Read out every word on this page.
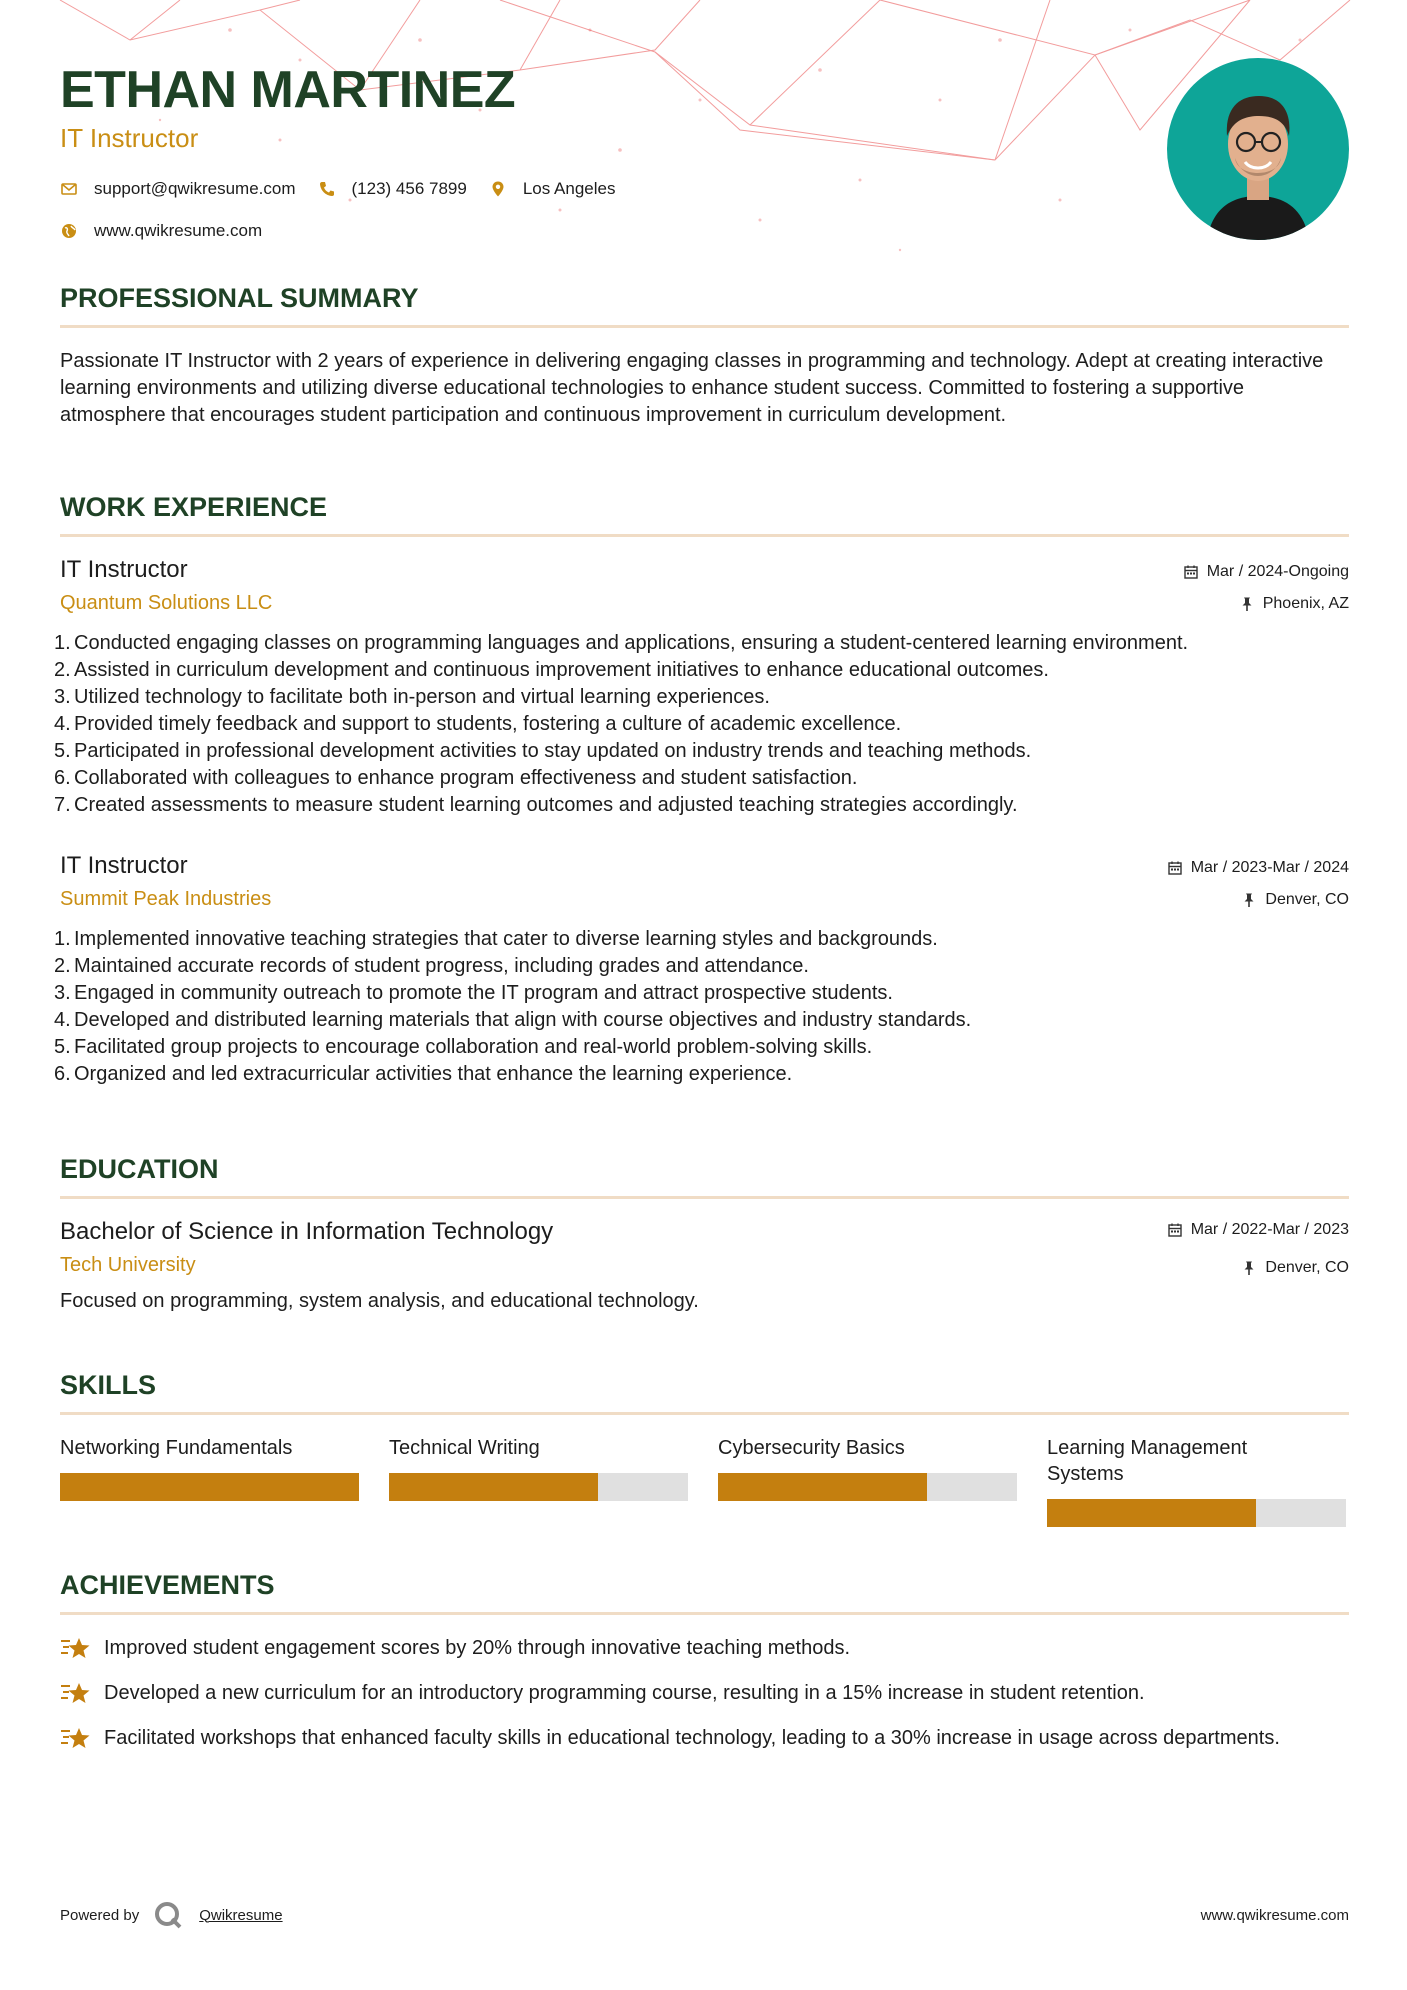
ETHAN MARTINEZ
IT Instructor
support@qwikresume.com	(123) 456 7899	Los Angeles
www.qwikresume.com
PROFESSIONAL SUMMARY
Passionate IT Instructor with 2 years of experience in delivering engaging classes in programming and technology. Adept at creating interactive learning environments and utilizing diverse educational technologies to enhance student success. Committed to fostering a supportive atmosphere that encourages student participation and continuous improvement in curriculum development.
WORK EXPERIENCE
IT Instructor
Quantum Solutions LLC
Mar / 2024-Ongoing
Phoenix, AZ
1. Conducted engaging classes on programming languages and applications, ensuring a student-centered learning environment.
2. Assisted in curriculum development and continuous improvement initiatives to enhance educational outcomes.
3. Utilized technology to facilitate both in-person and virtual learning experiences.
4. Provided timely feedback and support to students, fostering a culture of academic excellence.
5. Participated in professional development activities to stay updated on industry trends and teaching methods.
6. Collaborated with colleagues to enhance program effectiveness and student satisfaction.
7. Created assessments to measure student learning outcomes and adjusted teaching strategies accordingly.
IT Instructor
Summit Peak Industries
Mar / 2023-Mar / 2024
Denver, CO
1. Implemented innovative teaching strategies that cater to diverse learning styles and backgrounds.
2. Maintained accurate records of student progress, including grades and attendance.
3. Engaged in community outreach to promote the IT program and attract prospective students.
4. Developed and distributed learning materials that align with course objectives and industry standards.
5. Facilitated group projects to encourage collaboration and real-world problem-solving skills.
6. Organized and led extracurricular activities that enhance the learning experience.
EDUCATION
Bachelor of Science in Information Technology
Tech University
Mar / 2022-Mar / 2023
Denver, CO
Focused on programming, system analysis, and educational technology.
SKILLS
Networking Fundamentals	Technical Writing	Cybersecurity Basics	Learning Management Systems
ACHIEVEMENTS
Improved student engagement scores by 20% through innovative teaching methods.
Developed a new curriculum for an introductory programming course, resulting in a 15% increase in student retention.
Facilitated workshops that enhanced faculty skills in educational technology, leading to a 30% increase in usage across departments.
Powered by	Qwikresume	www.qwikresume.com
